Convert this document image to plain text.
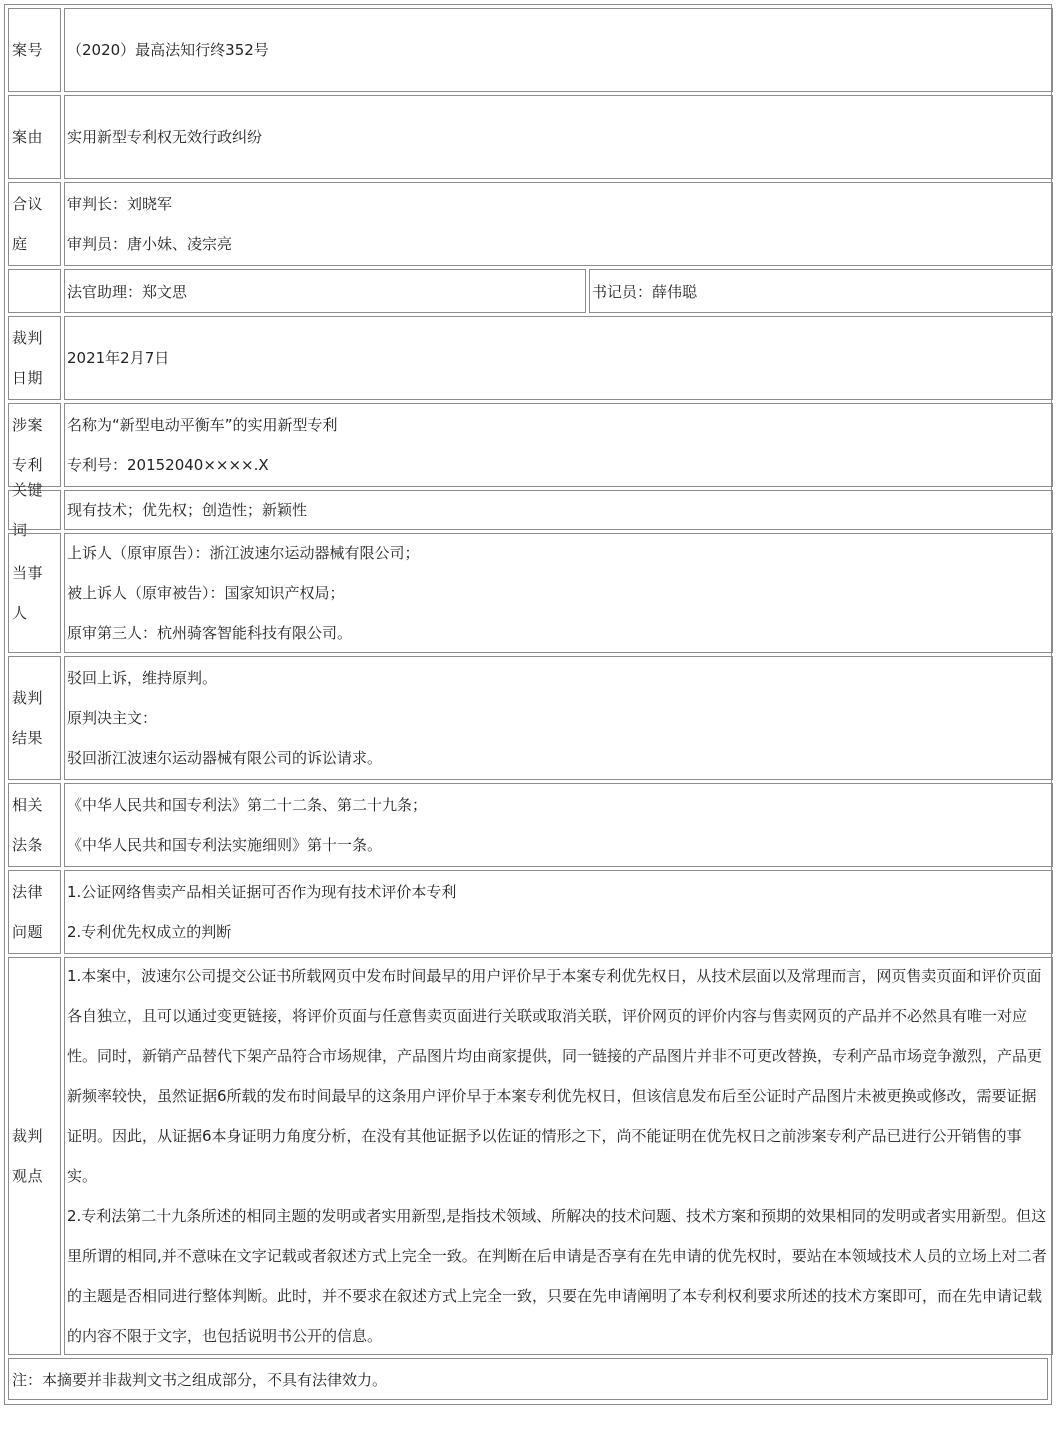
案号 （2020）最高法知行终352号
案由 实用新型专利权无效行政纠纷
合议庭
审判长：刘晓军
审判员：唐小妹、凌宗亮
法官助理：郑文思	书记员：薛伟聪
裁判日期
2021年2月7日
涉案专利
名称为“新型电动平衡车”的实用新型专利
专利号：20152040××××.X
关键词
现有技术；优先权；创造性；新颖性
当事人
上诉人（原审原告）：浙江波速尔运动器械有限公司；
被上诉人（原审被告）：国家知识产权局；
原审第三人：杭州骑客智能科技有限公司。
裁判结果
驳回上诉，维持原判。
原判决主文：
驳回浙江波速尔运动器械有限公司的诉讼请求。
相关法条
《中华人民共和国专利法》第二十二条、第二十九条；
《中华人民共和国专利法实施细则》第十一条。
法律问题
1.公证网络售卖产品相关证据可否作为现有技术评价本专利
2.专利优先权成立的判断
裁判观点
1.本案中，波速尔公司提交公证书所载网页中发布时间最早的用户评价早于本案专利优先权日，从技术层面以及常理而言，网页售卖页面和评价页面各自独立，且可以通过变更链接，将评价页面与任意售卖页面进行关联或取消关联，评价网页的评价内容与售卖网页的产品并不必然具有唯一对应性。同时，新销产品替代下架产品符合市场规律，产品图片均由商家提供，同一链接的产品图片并非不可更改替换，专利产品市场竞争激烈，产品更新频率较快，虽然证据6所载的发布时间最早的这条用户评价早于本案专利优先权日，但该信息发布后至公证时产品图片未被更换或修改，需要证据证明。因此，从证据6本身证明力角度分析，在没有其他证据予以佐证的情形之下，尚不能证明在优先权日之前涉案专利产品已进行公开销售的事实。
2.专利法第二十九条所述的相同主题的发明或者实用新型,是指技术领域、所解决的技术问题、技术方案和预期的效果相同的发明或者实用新型。但这里所谓的相同,并不意味在文字记载或者叙述方式上完全一致。在判断在后申请是否享有在先申请的优先权时，要站在本领域技术人员的立场上对二者的主题是否相同进行整体判断。此时，并不要求在叙述方式上完全一致，只要在先申请阐明了本专利权利要求所述的技术方案即可，而在先申请记载的内容不限于文字，也包括说明书公开的信息。
注：本摘要并非裁判文书之组成部分，不具有法律效力。
